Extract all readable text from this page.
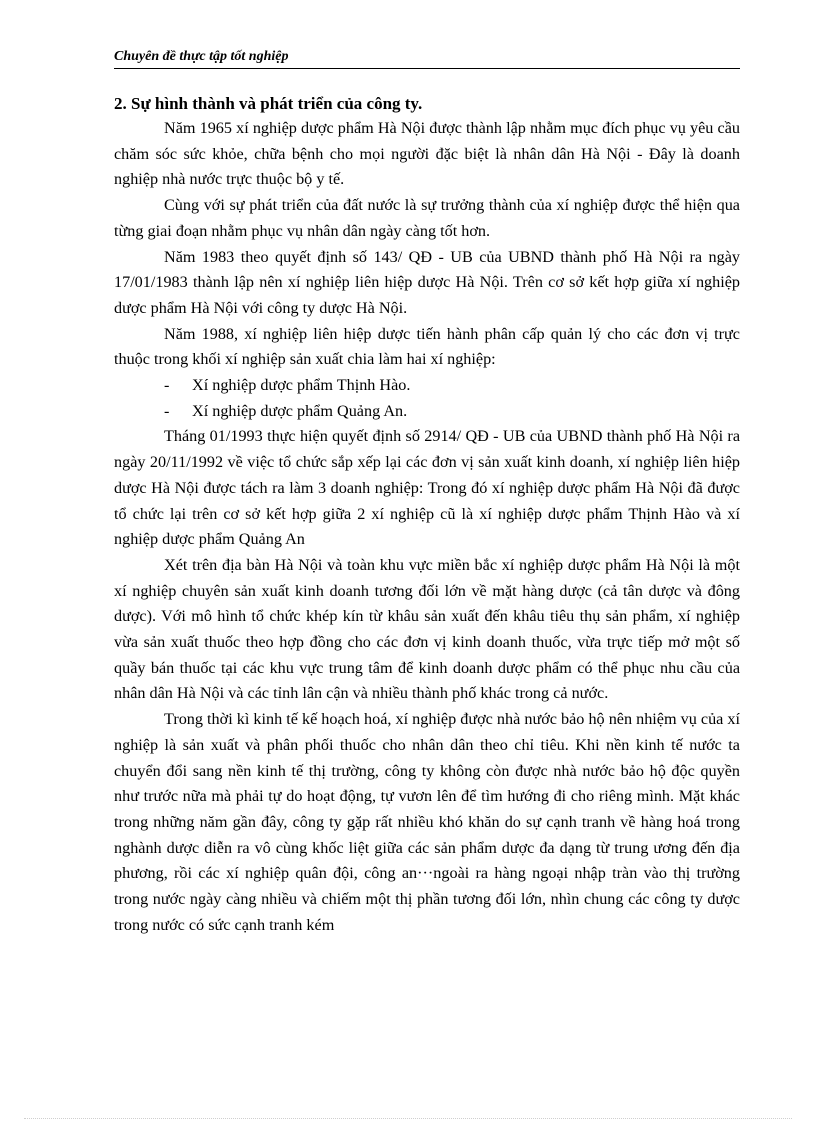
Chuyên đề thực tập tốt nghiệp
2. Sự hình thành và phát triển của công ty.

Năm 1965 xí nghiệp dược phẩm Hà Nội được thành lập nhằm mục đích phục vụ yêu cầu chăm sóc sức khỏe, chữa bệnh cho mọi người đặc biệt là nhân dân Hà Nội - Đây là doanh nghiệp nhà nước trực thuộc bộ y tế.

Cùng với sự phát triển của đất nước là sự trưởng thành của xí nghiệp được thể hiện qua từng giai đoạn nhằm phục vụ nhân dân ngày càng tốt hơn.

Năm 1983 theo quyết định số 143/ QĐ - UB của UBND thành phố Hà Nội ra ngày 17/01/1983 thành lập nên xí nghiệp liên hiệp dược Hà Nội. Trên cơ sở kết hợp giữa xí nghiệp dược phẩm Hà Nội với công ty dược Hà Nội.

Năm 1988, xí nghiệp liên hiệp dược tiến hành phân cấp quản lý cho các đơn vị trực thuộc trong khối xí nghiệp sản xuất chia làm hai xí nghiệp:

- Xí nghiệp dược phẩm Thịnh Hào.
- Xí nghiệp dược phẩm Quảng An.

Tháng 01/1993 thực hiện quyết định số 2914/ QĐ - UB của UBND thành phố Hà Nội ra ngày 20/11/1992 về việc tổ chức sắp xếp lại các đơn vị sản xuất kinh doanh, xí nghiệp liên hiệp dược Hà Nội được tách ra làm 3 doanh nghiệp: Trong đó xí nghiệp dược phẩm Hà Nội đã được tổ chức lại trên cơ sở kết hợp giữa 2 xí nghiệp cũ là xí nghiệp dược phẩm Thịnh Hào và xí nghiệp dược phẩm Quảng An

Xét trên địa bàn Hà Nội và toàn khu vực miền bắc xí nghiệp dược phẩm Hà Nội là một xí nghiệp chuyên sản xuất kinh doanh tương đối lớn về mặt hàng dược (cả tân dược và đông dược). Với mô hình tổ chức khép kín từ khâu sản xuất đến khâu tiêu thụ sản phẩm, xí nghiệp vừa sản xuất thuốc theo hợp đồng cho các đơn vị kinh doanh thuốc, vừa trực tiếp mở một số quầy bán thuốc tại các khu vực trung tâm để kinh doanh dược phẩm có thể phục nhu cầu của nhân dân Hà Nội và các tỉnh lân cận và nhiều thành phố khác trong cả nước.

Trong thời kì kinh tế kế hoạch hoá, xí nghiệp được nhà nước bảo hộ nên nhiệm vụ của xí nghiệp là sản xuất và phân phối thuốc cho nhân dân theo chỉ tiêu. Khi nền kinh tế nước ta chuyển đổi sang nền kinh tế thị trường, công ty không còn được nhà nước bảo hộ độc quyền như trước nữa mà phải tự do hoạt động, tự vươn lên để tìm hướng đi cho riêng mình. Mặt khác trong những năm gần đây, công ty gặp rất nhiều khó khăn do sự cạnh tranh về hàng hoá trong nghành dược diễn ra vô cùng khốc liệt giữa các sản phẩm dược đa dạng từ trung ương đến địa phương, rồi các xí nghiệp quân đội, công an···ngoài ra hàng ngoại nhập tràn vào thị trường trong nước ngày càng nhiều và chiếm một thị phần tương đối lớn, nhìn chung các công ty dược trong nước có sức cạnh tranh kém
